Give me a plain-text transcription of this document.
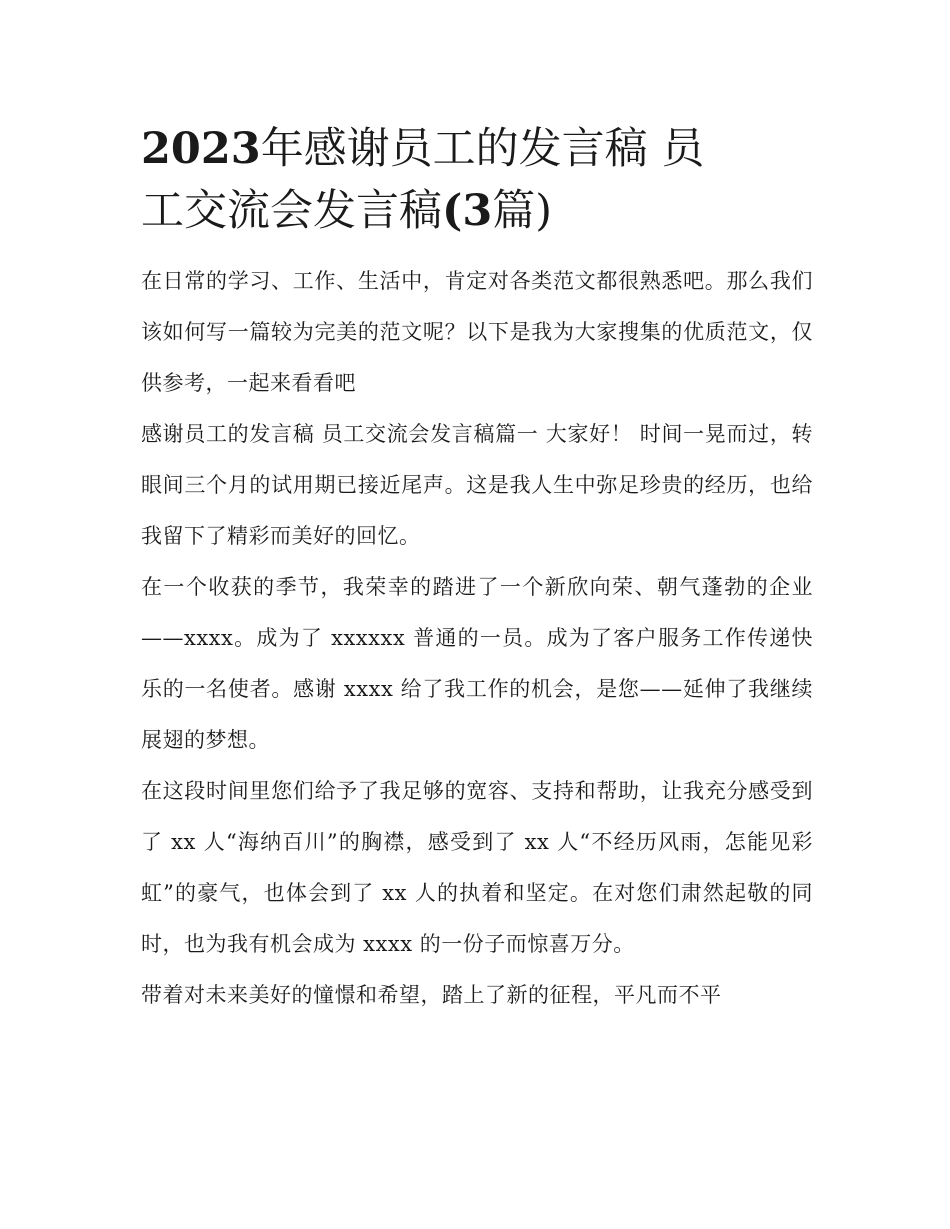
2023年感谢员工的发言稿 员
工交流会发言稿(3篇)

在日常的学习、工作、生活中，肯定对各类范文都很熟悉吧。那么我们该如何写一篇较为完美的范文呢？以下是我为大家搜集的优质范文，仅供参考，一起来看看吧

感谢员工的发言稿 员工交流会发言稿篇一 大家好！ 时间一晃而过，转眼间三个月的试用期已接近尾声。这是我人生中弥足珍贵的经历，也给我留下了精彩而美好的回忆。

在一个收获的季节，我荣幸的踏进了一个新欣向荣、朝气蓬勃的企业——xxxx。成为了 xxxxxx 普通的一员。成为了客户服务工作传递快乐的一名使者。感谢 xxxx 给了我工作的机会，是您——延伸了我继续展翅的梦想。

在这段时间里您们给予了我足够的宽容、支持和帮助，让我充分感受到了 xx 人“海纳百川”的胸襟，感受到了 xx 人“不经历风雨，怎能见彩虹”的豪气，也体会到了 xx 人的执着和坚定。在对您们肃然起敬的同时，也为我有机会成为 xxxx 的一份子而惊喜万分。

带着对未来美好的憧憬和希望，踏上了新的征程，平凡而不平
